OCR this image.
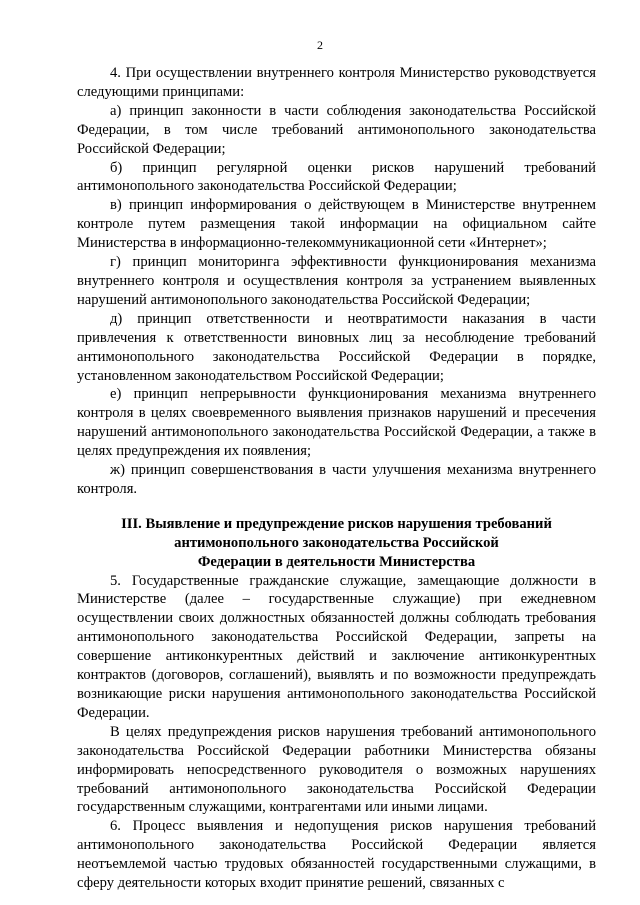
2

4. При осуществлении внутреннего контроля Министерство руководствуется следующими принципами:

а) принцип законности в части соблюдения законодательства Российской Федерации, в том числе требований антимонопольного законодательства Российской Федерации;

б) принцип регулярной оценки рисков нарушений требований антимонопольного законодательства Российской Федерации;

в) принцип информирования о действующем в Министерстве внутреннем контроле путем размещения такой информации на официальном сайте Министерства в информационно-телекоммуникационной сети «Интернет»;

г) принцип мониторинга эффективности функционирования механизма внутреннего контроля и осуществления контроля за устранением выявленных нарушений антимонопольного законодательства Российской Федерации;

д) принцип ответственности и неотвратимости наказания в части привлечения к ответственности виновных лиц за несоблюдение требований антимонопольного законодательства Российской Федерации в порядке, установленном законодательством Российской Федерации;

е) принцип непрерывности функционирования механизма внутреннего контроля в целях своевременного выявления признаков нарушений и пресечения нарушений антимонопольного законодательства Российской Федерации, а также в целях предупреждения их появления;

ж) принцип совершенствования в части улучшения механизма внутреннего контроля.

III. Выявление и предупреждение рисков нарушения требований
антимонопольного законодательства Российской
Федерации в деятельности Министерства

5. Государственные гражданские служащие, замещающие должности в Министерстве (далее – государственные служащие) при ежедневном осуществлении своих должностных обязанностей должны соблюдать требования антимонопольного законодательства Российской Федерации, запреты на совершение антиконкурентных действий и заключение антиконкурентных контрактов (договоров, соглашений), выявлять и по возможности предупреждать возникающие риски нарушения антимонопольного законодательства Российской Федерации.

В целях предупреждения рисков нарушения требований антимонопольного законодательства Российской Федерации работники Министерства обязаны информировать непосредственного руководителя о возможных нарушениях требований антимонопольного законодательства Российской Федерации государственным служащими, контрагентами или иными лицами.

6. Процесс выявления и недопущения рисков нарушения требований антимонопольного законодательства Российской Федерации является неотъемлемой частью трудовых обязанностей государственными служащими, в сферу деятельности которых входит принятие решений, связанных с
